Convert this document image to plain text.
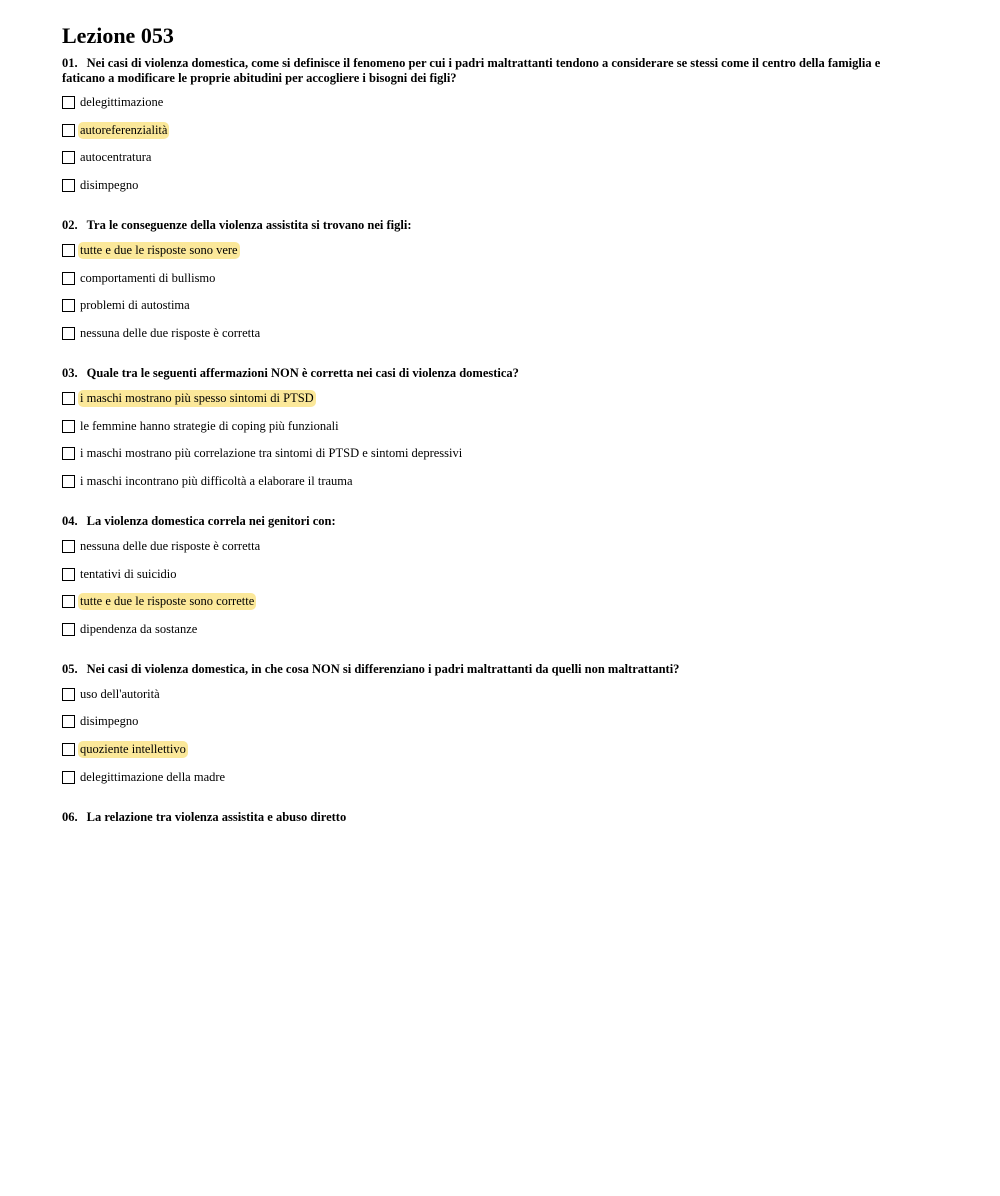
Lezione 053
01. Nei casi di violenza domestica, come si definisce il fenomeno per cui i padri maltrattanti tendono a considerare se stessi come il centro della famiglia e faticano a modificare le proprie abitudini per accogliere i bisogni dei figli?
delegittimazione
autoreferenzialità
autocentratura
disimpegno
02. Tra le conseguenze della violenza assistita si trovano nei figli:
tutte e due le risposte sono vere
comportamenti di bullismo
problemi di autostima
nessuna delle due risposte è corretta
03. Quale tra le seguenti affermazioni NON è corretta nei casi di violenza domestica?
i maschi mostrano più spesso sintomi di PTSD
le femmine hanno strategie di coping più funzionali
i maschi mostrano più correlazione tra sintomi di PTSD e sintomi depressivi
i maschi incontrano più difficoltà a elaborare il trauma
04. La violenza domestica correla nei genitori con:
nessuna delle due risposte è corretta
tentativi di suicidio
tutte e due le risposte sono corrette
dipendenza da sostanze
05. Nei casi di violenza domestica, in che cosa NON si differenziano i padri maltrattanti da quelli non maltrattanti?
uso dell'autorità
disimpegno
quoziente intellettivo
delegittimazione della madre
06. La relazione tra violenza assistita e abuso diretto
